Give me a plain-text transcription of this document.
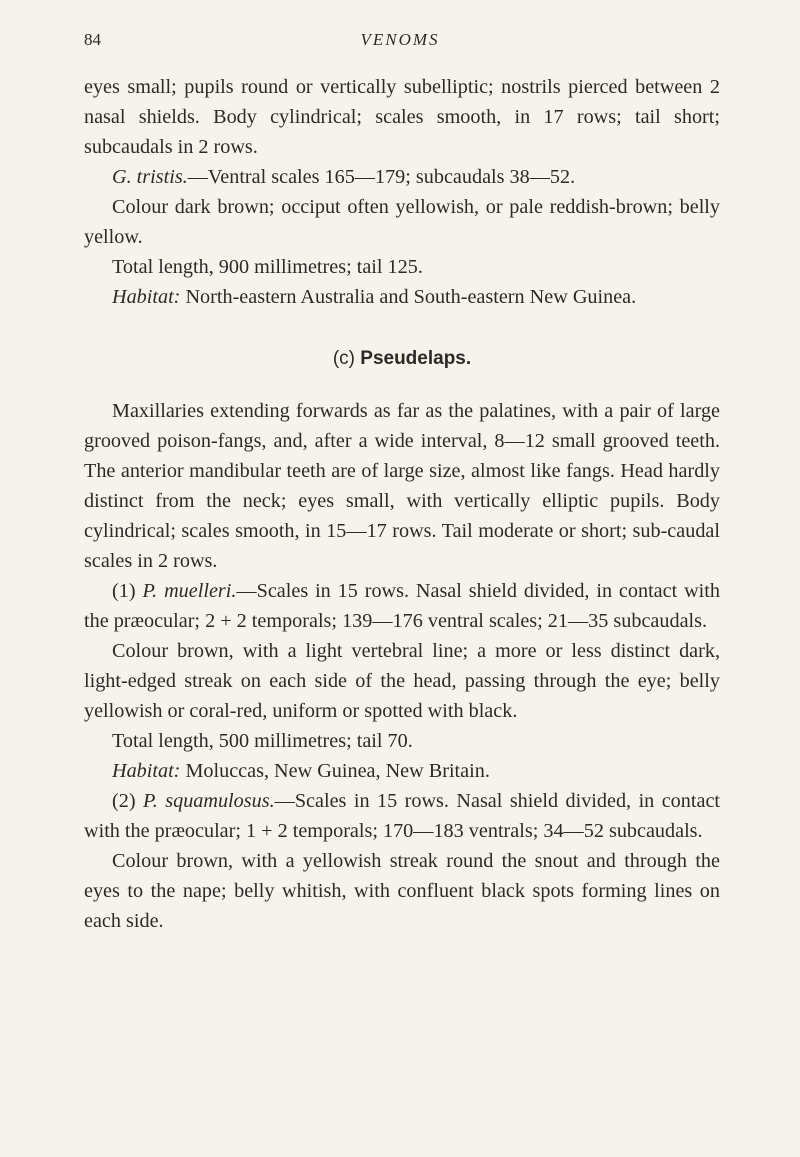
84	VENOMS

eyes small; pupils round or vertically subelliptic; nostrils pierced between 2 nasal shields. Body cylindrical; scales smooth, in 17 rows; tail short; subcaudals in 2 rows.

G. tristis.—Ventral scales 165—179; subcaudals 38—52.

Colour dark brown; occiput often yellowish, or pale reddish-brown; belly yellow.

Total length, 900 millimetres; tail 125.

Habitat: North-eastern Australia and South-eastern New Guinea.

(c) Pseudelaps.

Maxillaries extending forwards as far as the palatines, with a pair of large grooved poison-fangs, and, after a wide interval, 8—12 small grooved teeth. The anterior mandibular teeth are of large size, almost like fangs. Head hardly distinct from the neck; eyes small, with vertically elliptic pupils. Body cylindrical; scales smooth, in 15—17 rows. Tail moderate or short; sub-caudal scales in 2 rows.

(1) P. muelleri.—Scales in 15 rows. Nasal shield divided, in contact with the præocular; 2 + 2 temporals; 139—176 ventral scales; 21—35 subcaudals.

Colour brown, with a light vertebral line; a more or less distinct dark, light-edged streak on each side of the head, passing through the eye; belly yellowish or coral-red, uniform or spotted with black.

Total length, 500 millimetres; tail 70.

Habitat: Moluccas, New Guinea, New Britain.

(2) P. squamulosus.—Scales in 15 rows. Nasal shield divided, in contact with the præocular; 1 + 2 temporals; 170—183 ventrals; 34—52 subcaudals.

Colour brown, with a yellowish streak round the snout and through the eyes to the nape; belly whitish, with confluent black spots forming lines on each side.
